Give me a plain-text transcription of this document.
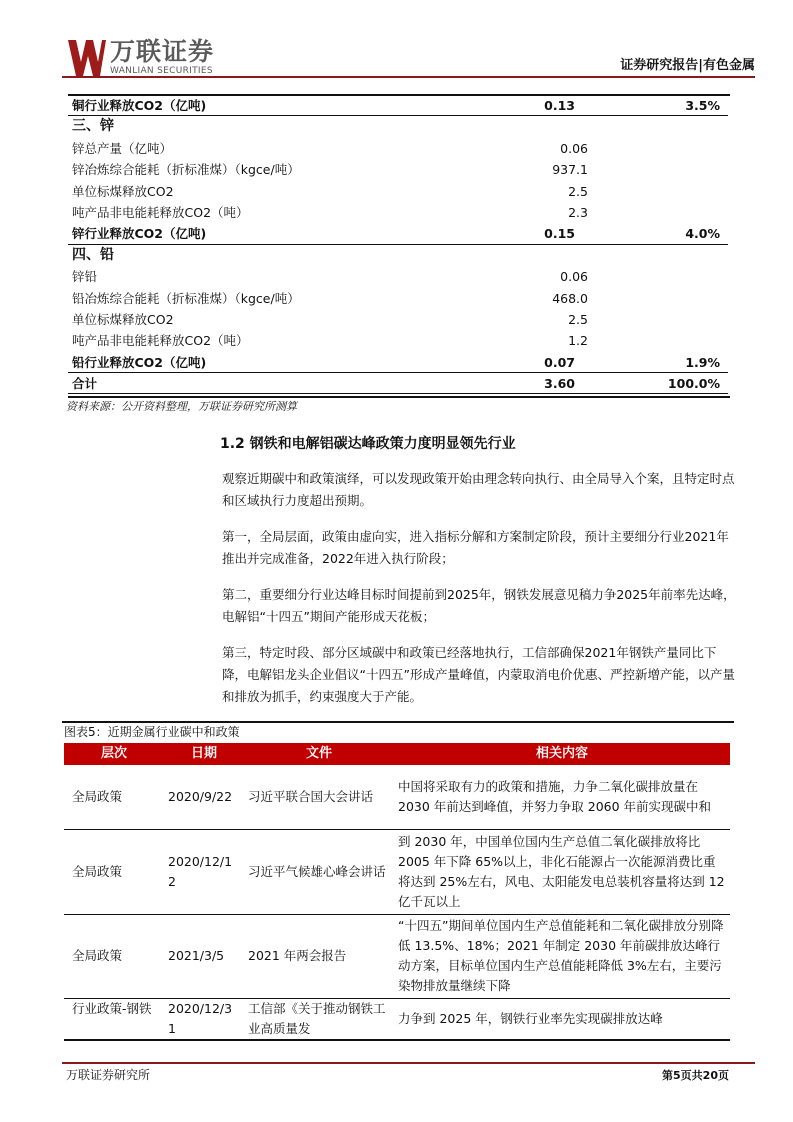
万联证券
WANLIAN SECURITIES	证券研究报告|有色金属
铜行业释放CO2（亿吨)	0.13	3.5%
三、锌
锌总产量（亿吨）	0.06
锌冶炼综合能耗（折标准煤）（kgce/吨）	937.1
单位标煤释放CO2	2.5
吨产品非电能耗释放CO2（吨）	2.3
锌行业释放CO2（亿吨)	0.15	4.0%
四、铅
锌铅	0.06
铅冶炼综合能耗（折标准煤）（kgce/吨）	468.0
单位标煤释放CO2	2.5
吨产品非电能耗释放CO2（吨）	1.2
铅行业释放CO2（亿吨)	0.07	1.9%
合计	3.60	100.0%
资料来源：公开资料整理，万联证券研究所测算
1.2 钢铁和电解铝碳达峰政策力度明显领先行业

观察近期碳中和政策演绎，可以发现政策开始由理念转向执行、由全局导入个案，且特定时点和区域执行力度超出预期。

第一，全局层面，政策由虚向实，进入指标分解和方案制定阶段，预计主要细分行业2021年推出并完成准备，2022年进入执行阶段；

第二，重要细分行业达峰目标时间提前到2025年，钢铁发展意见稿力争2025年前率先达峰，电解铝“十四五”期间产能形成天花板；

第三，特定时段、部分区域碳中和政策已经落地执行，工信部确保2021年钢铁产量同比下降，电解铝龙头企业倡议“十四五”形成产量峰值，内蒙取消电价优惠、严控新增产能，以产量和排放为抓手，约束强度大于产能。

图表5：近期金属行业碳中和政策
层次	日期	文件	相关内容
全局政策	2020/9/22	习近平联合国大会讲话	中国将采取有力的政策和措施，力争二氧化碳排放量在 2030 年前达到峰值，并努力争取 2060 年前实现碳中和
全局政策	2020/12/12	习近平气候雄心峰会讲话	到 2030 年，中国单位国内生产总值二氧化碳排放将比 2005 年下降 65%以上，非化石能源占一次能源消费比重将达到 25%左右，风电、太阳能发电总装机容量将达到 12 亿千瓦以上
全局政策	2021/3/5	2021 年两会报告	“十四五”期间单位国内生产总值能耗和二氧化碳排放分别降低 13.5%、18%；2021 年制定 2030 年前碳排放达峰行动方案，目标单位国内生产总值能耗降低 3%左右，主要污染物排放量继续下降
行业政策-钢铁	2020/12/31	工信部《关于推动钢铁工业高质量发	力争到 2025 年，钢铁行业率先实现碳排放达峰
万联证券研究所	第5页共20页
